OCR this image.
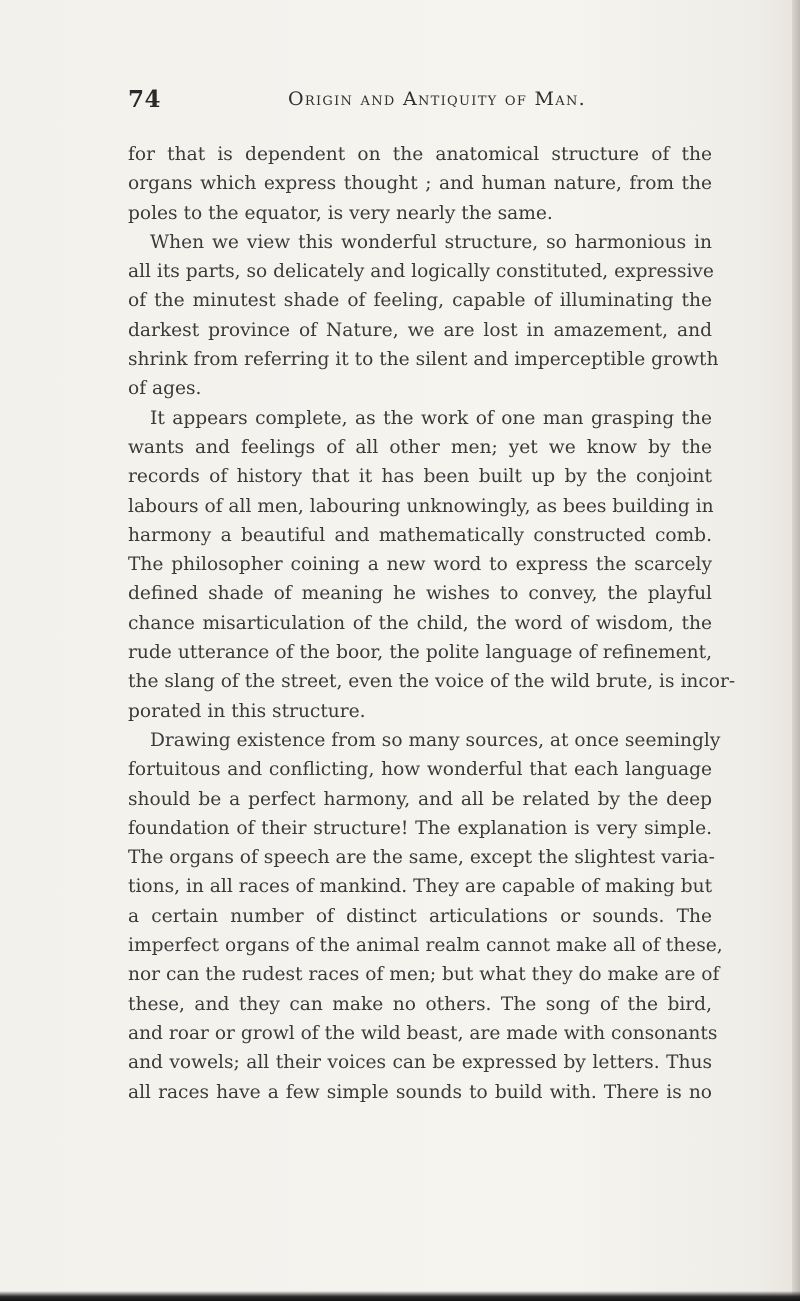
74	Origin and Antiquity of Man.
for that is dependent on the anatomical structure of the
organs which express thought ; and human nature, from the
poles to the equator, is very nearly the same.
When we view this wonderful structure, so harmonious in
all its parts, so delicately and logically constituted, expressive
of the minutest shade of feeling, capable of illuminating the
darkest province of Nature, we are lost in amazement, and
shrink from referring it to the silent and imperceptible growth
of ages.
It appears complete, as the work of one man grasping the
wants and feelings of all other men; yet we know by the
records of history that it has been built up by the conjoint
labours of all men, labouring unknowingly, as bees building in
harmony a beautiful and mathematically constructed comb.
The philosopher coining a new word to express the scarcely
defined shade of meaning he wishes to convey, the playful
chance misarticulation of the child, the word of wisdom, the
rude utterance of the boor, the polite language of refinement,
the slang of the street, even the voice of the wild brute, is incor-
porated in this structure.
Drawing existence from so many sources, at once seemingly
fortuitous and conflicting, how wonderful that each language
should be a perfect harmony, and all be related by the deep
foundation of their structure! The explanation is very simple.
The organs of speech are the same, except the slightest varia-
tions, in all races of mankind. They are capable of making but
a certain number of distinct articulations or sounds. The
imperfect organs of the animal realm cannot make all of these,
nor can the rudest races of men; but what they do make are of
these, and they can make no others. The song of the bird,
and roar or growl of the wild beast, are made with consonants
and vowels; all their voices can be expressed by letters. Thus
all races have a few simple sounds to build with. There is no
